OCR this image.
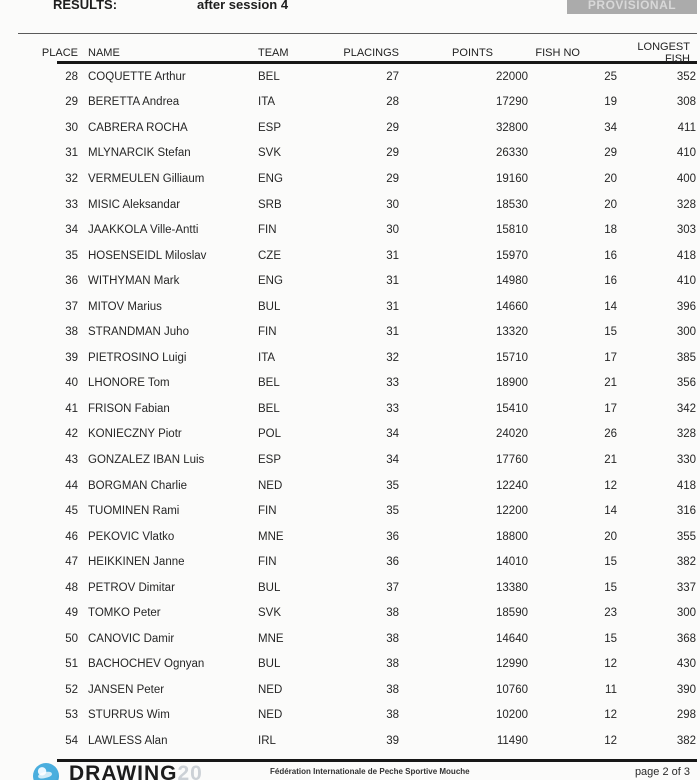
RESULTS:	after session 4	PROVISIONAL
PLACE NAME	TEAM	PLACINGS	POINTS	FISH NO	LONGEST FISH
28 COQUETTE Arthur	BEL	27	22000	25	352
29 BERETTA Andrea	ITA	28	17290	19	308
30 CABRERA ROCHA	ESP	29	32800	34	411
31 MLYNARCIK Stefan	SVK	29	26330	29	410
32 VERMEULEN Gilliaum	ENG	29	19160	20	400
33 MISIC Aleksandar	SRB	30	18530	20	328
34 JAAKKOLA Ville-Antti	FIN	30	15810	18	303
35 HOSENSEIDL Miloslav	CZE	31	15970	16	418
36 WITHYMAN Mark	ENG	31	14980	16	410
37 MITOV Marius	BUL	31	14660	14	396
38 STRANDMAN Juho	FIN	31	13320	15	300
39 PIETROSINO Luigi	ITA	32	15710	17	385
40 LHONORE Tom	BEL	33	18900	21	356
41 FRISON Fabian	BEL	33	15410	17	342
42 KONIECZNY Piotr	POL	34	24020	26	328
43 GONZALEZ IBAN Luis	ESP	34	17760	21	330
44 BORGMAN Charlie	NED	35	12240	12	418
45 TUOMINEN Rami	FIN	35	12200	14	316
46 PEKOVIC Vlatko	MNE	36	18800	20	355
47 HEIKKINEN Janne	FIN	36	14010	15	382
48 PETROV Dimitar	BUL	37	13380	15	337
49 TOMKO Peter	SVK	38	18590	23	300
50 CANOVIC Damir	MNE	38	14640	15	368
51 BACHOCHEV Ognyan	BUL	38	12990	12	430
52 JANSEN Peter	NED	38	10760	11	390
53 STURRUS Wim	NED	38	10200	12	298
54 LAWLESS Alan	IRL	39	11490	12	382
DRAWING 20	Fédération Internationale de Peche Sportive Mouche	page 2 of 3
